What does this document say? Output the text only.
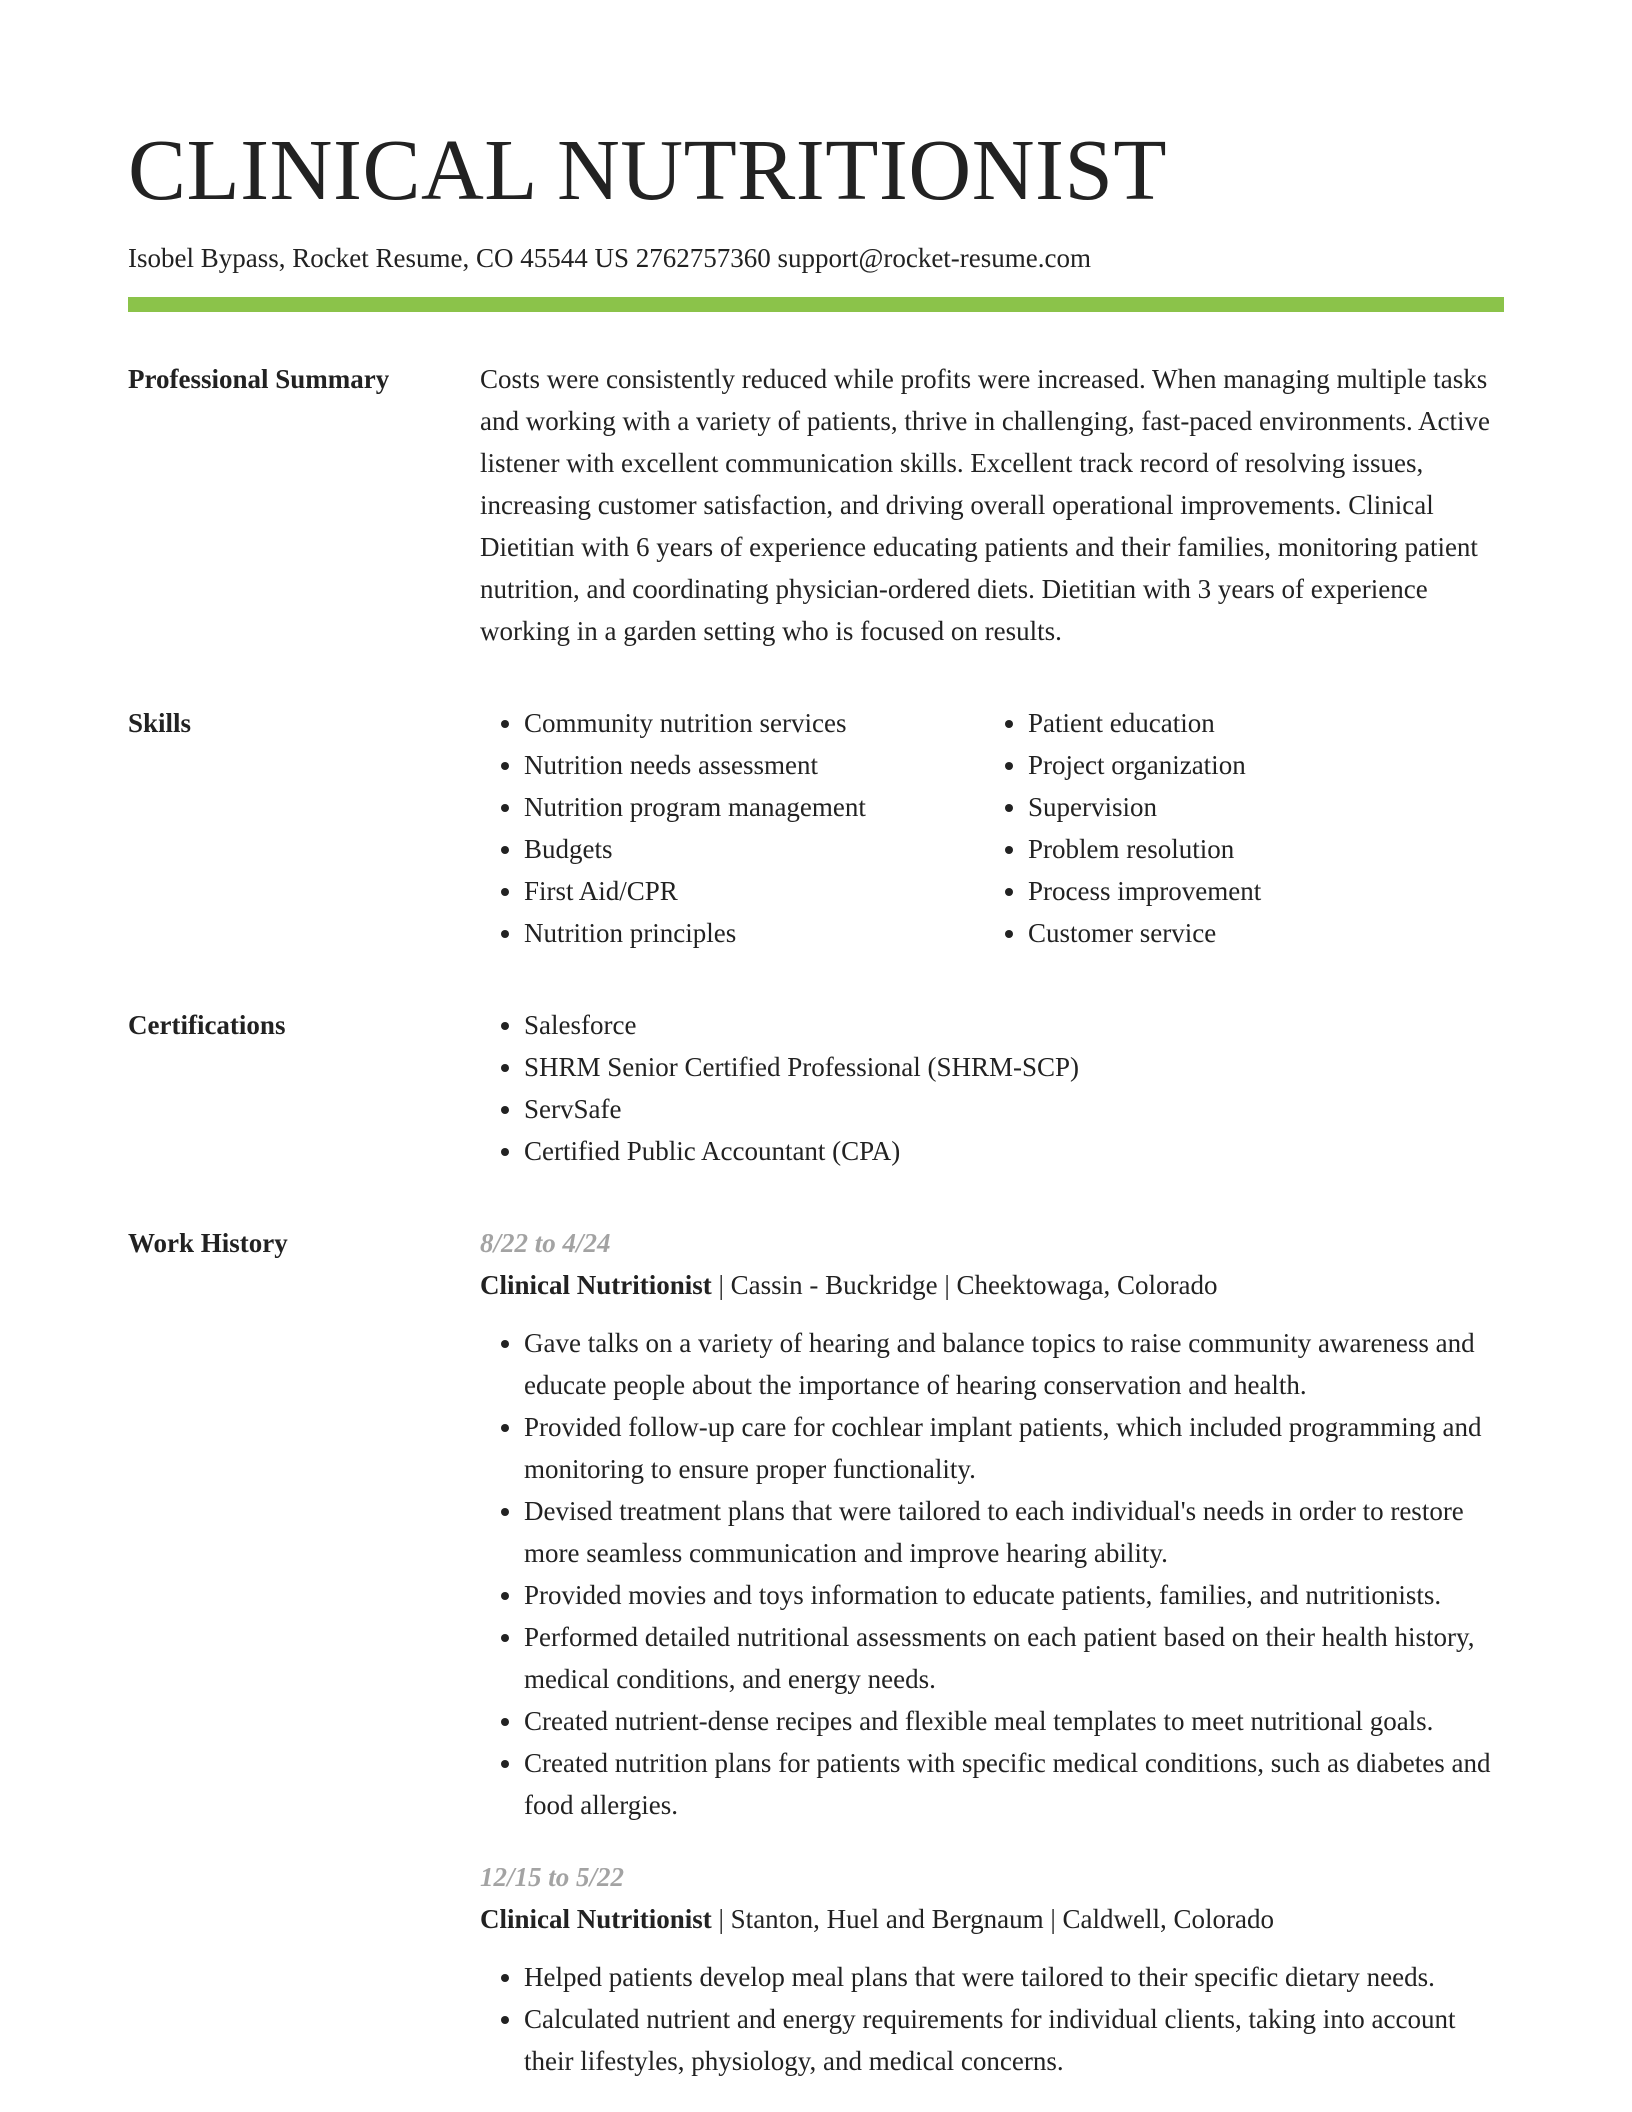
CLINICAL NUTRITIONIST
Isobel Bypass, Rocket Resume, CO 45544 US 2762757360 support@rocket-resume.com
Professional Summary	Costs were consistently reduced while profits were increased. When managing multiple tasks and working with a variety of patients, thrive in challenging, fast-paced environments. Active listener with excellent communication skills. Excellent track record of resolving issues, increasing customer satisfaction, and driving overall operational improvements. Clinical Dietitian with 6 years of experience educating patients and their families, monitoring patient nutrition, and coordinating physician-ordered diets. Dietitian with 3 years of experience working in a garden setting who is focused on results.

Skills	• Community nutrition services
• Nutrition needs assessment
• Nutrition program management
• Budgets
• First Aid/CPR
• Nutrition principles
• Patient education
• Project organization
• Supervision
• Problem resolution
• Process improvement
• Customer service
Certifications	• Salesforce
• SHRM Senior Certified Professional (SHRM-SCP)
• ServSafe
• Certified Public Accountant (CPA)
Work History	8/22 to 4/24
Clinical Nutritionist | Cassin - Buckridge | Cheektowaga, Colorado
• Gave talks on a variety of hearing and balance topics to raise community awareness and educate people about the importance of hearing conservation and health.
• Provided follow-up care for cochlear implant patients, which included programming and monitoring to ensure proper functionality.
• Devised treatment plans that were tailored to each individual's needs in order to restore more seamless communication and improve hearing ability.
• Provided movies and toys information to educate patients, families, and nutritionists.
• Performed detailed nutritional assessments on each patient based on their health history, medical conditions, and energy needs.
• Created nutrient-dense recipes and flexible meal templates to meet nutritional goals.
• Created nutrition plans for patients with specific medical conditions, such as diabetes and food allergies.
12/15 to 5/22
Clinical Nutritionist | Stanton, Huel and Bergnaum | Caldwell, Colorado
• Helped patients develop meal plans that were tailored to their specific dietary needs.
• Calculated nutrient and energy requirements for individual clients, taking into account their lifestyles, physiology, and medical concerns.
